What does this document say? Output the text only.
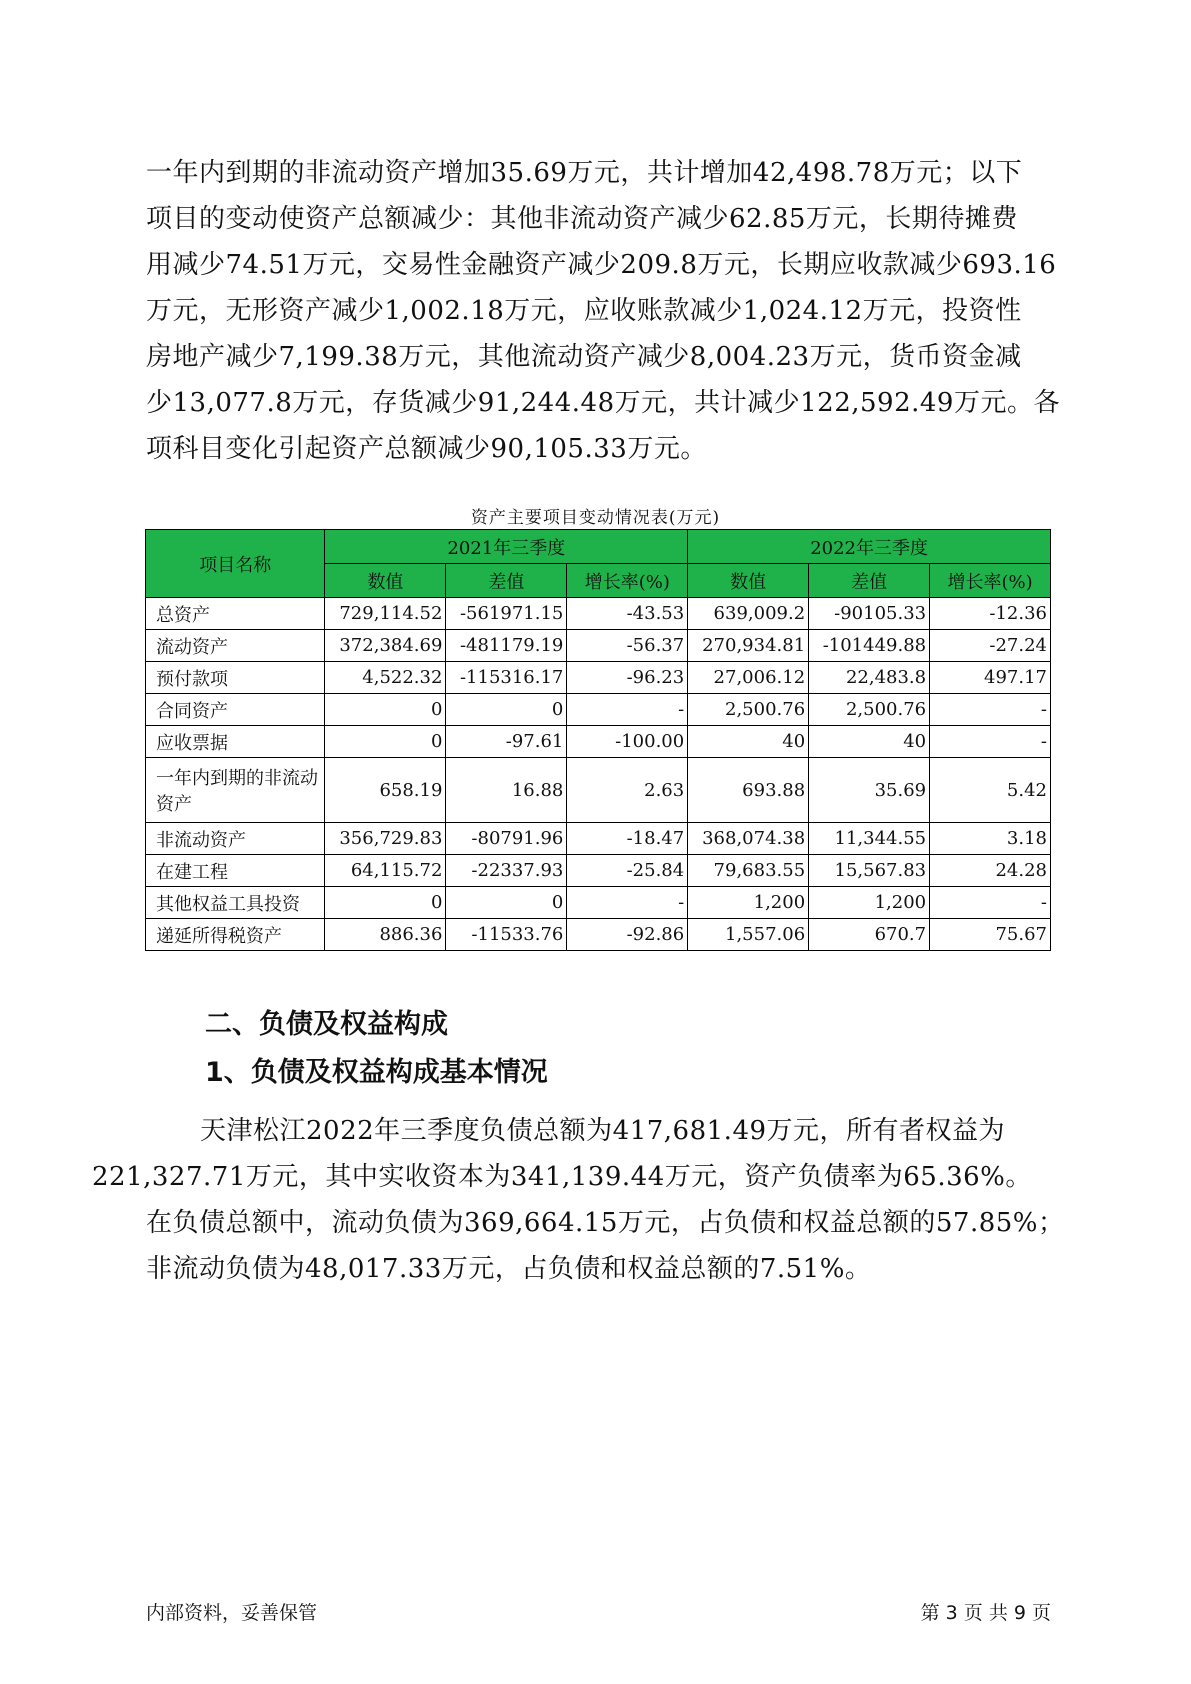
一年内到期的非流动资产增加35.69万元，共计增加42,498.78万元；以下
项目的变动使资产总额减少：其他非流动资产减少62.85万元，长期待摊费
用减少74.51万元，交易性金融资产减少209.8万元，长期应收款减少693.16
万元，无形资产减少1,002.18万元，应收账款减少1,024.12万元，投资性
房地产减少7,199.38万元，其他流动资产减少8,004.23万元，货币资金减
少13,077.8万元，存货减少91,244.48万元，共计减少122,592.49万元。各
项科目变化引起资产总额减少90,105.33万元。

资产主要项目变动情况表(万元)
项目名称	2021年三季度			2022年三季度		
	数值	差值	增长率(%)	数值	差值	增长率(%)
总资产	729,114.52	-561971.15	-43.53	639,009.2	-90105.33	-12.36
流动资产	372,384.69	-481179.19	-56.37	270,934.81	-101449.88	-27.24
预付款项	4,522.32	-115316.17	-96.23	27,006.12	22,483.8	497.17
合同资产	0	0	-	2,500.76	2,500.76	-
应收票据	0	-97.61	-100.00	40	40	-
一年内到期的非流动资产	658.19	16.88	2.63	693.88	35.69	5.42
非流动资产	356,729.83	-80791.96	-18.47	368,074.38	11,344.55	3.18
在建工程	64,115.72	-22337.93	-25.84	79,683.55	15,567.83	24.28
其他权益工具投资	0	0	-	1,200	1,200	-
递延所得税资产	886.36	-11533.76	-92.86	1,557.06	670.7	75.67
二、负债及权益构成
1、负债及权益构成基本情况

天津松江2022年三季度负债总额为417,681.49万元，所有者权益为
221,327.71万元，其中实收资本为341,139.44万元，资产负债率为65.36%。
在负债总额中，流动负债为369,664.15万元，占负债和权益总额的57.85%；
非流动负债为48,017.33万元，占负债和权益总额的7.51%。

内部资料，妥善保管	第 3 页 共 9 页
